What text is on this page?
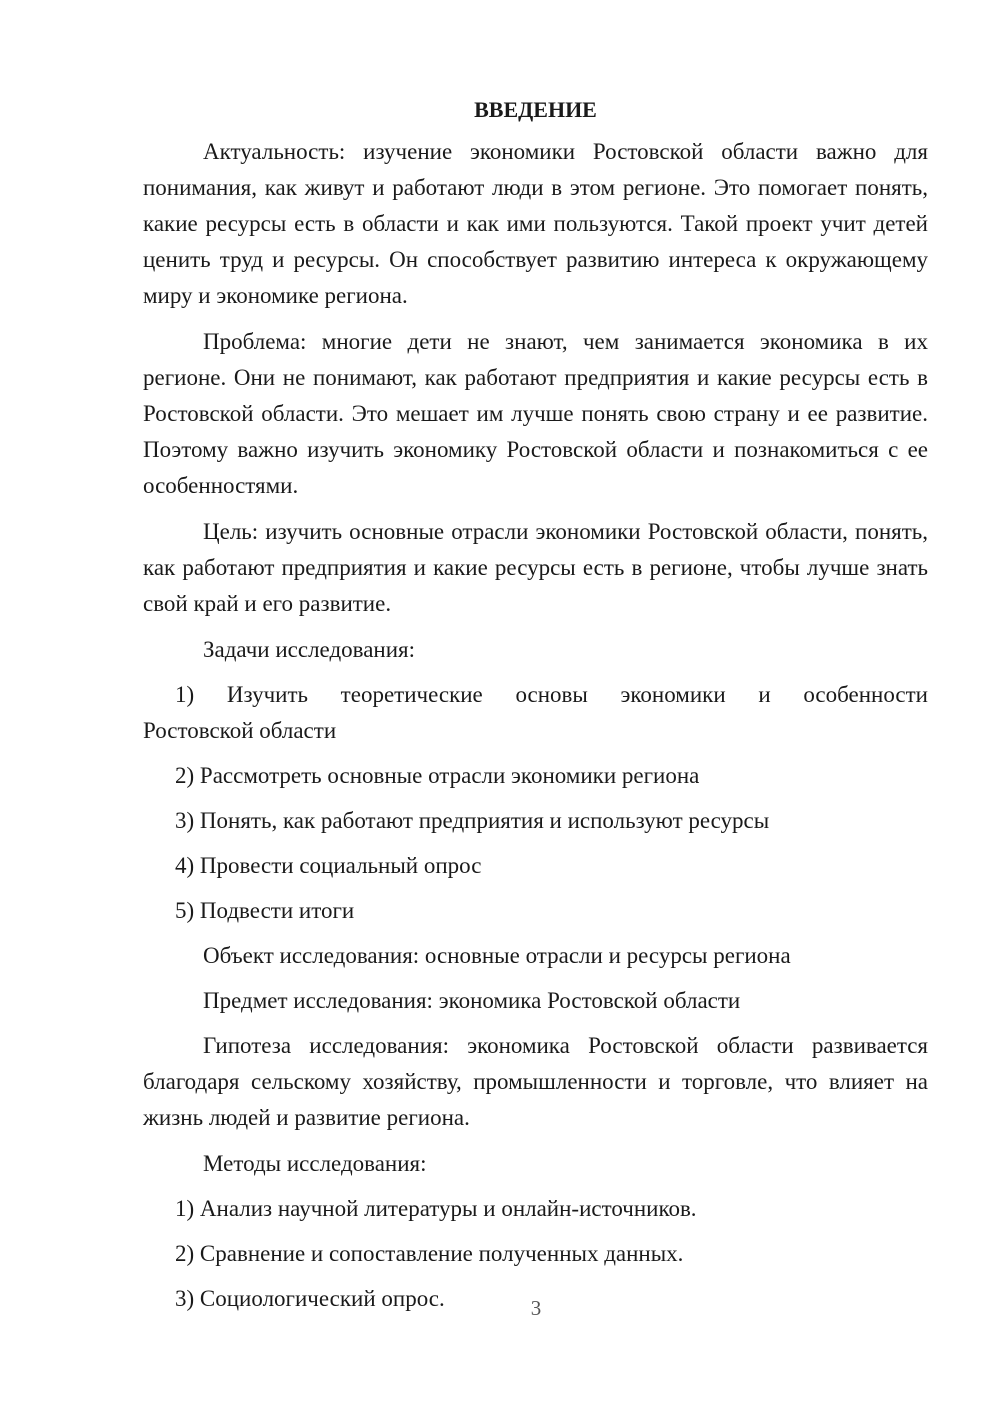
ВВЕДЕНИЕ

Актуальность: изучение экономики Ростовской области важно для понимания, как живут и работают люди в этом регионе. Это помогает понять, какие ресурсы есть в области и как ими пользуются. Такой проект учит детей ценить труд и ресурсы. Он способствует развитию интереса к окружающему миру и экономике региона.

Проблема: многие дети не знают, чем занимается экономика в их регионе. Они не понимают, как работают предприятия и какие ресурсы есть в Ростовской области. Это мешает им лучше понять свою страну и ее развитие. Поэтому важно изучить экономику Ростовской области и познакомиться с ее особенностями.

Цель: изучить основные отрасли экономики Ростовской области, понять, как работают предприятия и какие ресурсы есть в регионе, чтобы лучше знать свой край и его развитие.

Задачи исследования:

1) Изучить теоретические основы экономики и особенности
Ростовской области

2) Рассмотреть основные отрасли экономики региона

3) Понять, как работают предприятия и используют ресурсы

4) Провести социальный опрос

5) Подвести итоги

Объект исследования: основные отрасли и ресурсы региона

Предмет исследования: экономика Ростовской области

Гипотеза исследования: экономика Ростовской области развивается благодаря сельскому хозяйству, промышленности и торговле, что влияет на жизнь людей и развитие региона.

Методы исследования:

1) Анализ научной литературы и онлайн-источников.

2) Сравнение и сопоставление полученных данных.

3) Социологический опрос.	3
